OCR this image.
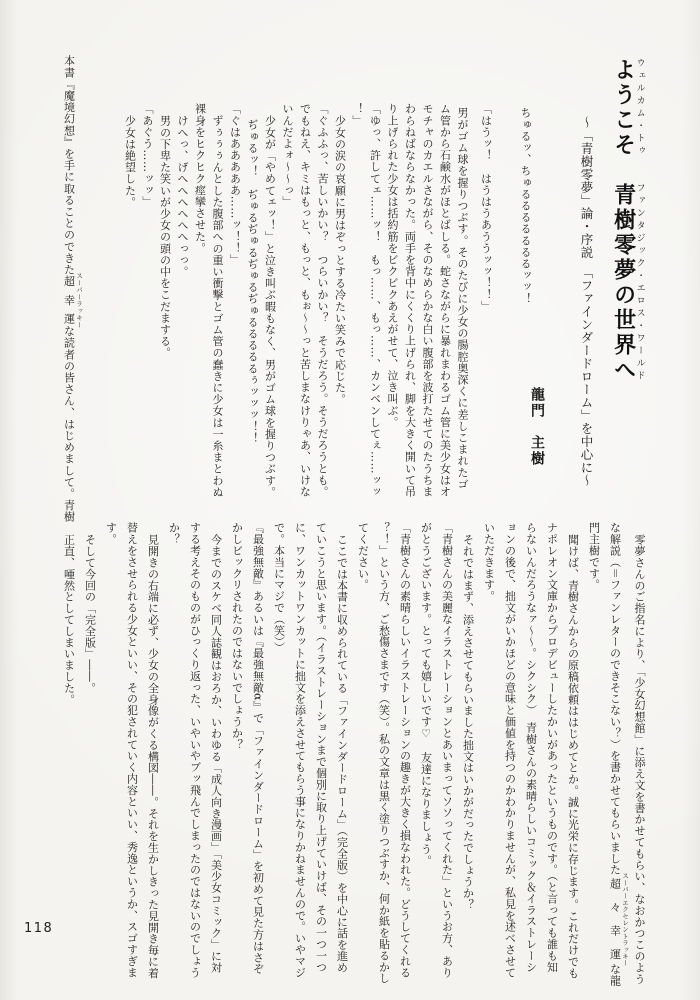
ようこそウェルカム・トゥ　青樹零夢の世界へファンタジック・エロス・ワールド
〜「青樹零夢」論・序説　「ファインダードローム」を中心に〜
龍門　主樹
ちゅるッ、ちゅるるるるるるるッッ！
「はうッ！　はうはうあううッッ！！」
男がゴム球を握りつぶす。そのたびに少女の腸腔奥深くに差しこまれたゴ
ム管から石鹸水がほとばしる。蛇さながらに暴れまわるゴム管に美少女はオ
モチャのカエルさながら、そのなめらかな白い腹部を波打たせてのたうちま
わらねばならなかった。両手を背中にくくり上げられ、脚を大きく開いて吊
り上げられた少女は括約筋をビクビクあえがせて、泣き叫ぶ。
「ゆっ、許してェ……ッ！　もっ……、もっ……、カンベンしてぇ……ッッ
！」
少女の涙の哀願に男はぞっとする冷たい笑みで応じた。
「ぐふふっ、苦しいかい？　つらいかい？　そうだろう。そうだろうとも。
でもねえ、キミはもっと、もっと、もぉ〜〜っと苦しまなけりゃあ、いけな
いんだよォ〜〜っ」
少女が「やめてェッ！」と泣き叫ぶ暇もなく、男がゴム球を握りつぶす。
ぢゅるッ！　ぢゅるぢゅるぢゅるぢゅるるるるるぅッッッ！！
「ぐはあああああ……ッ！！」
ずぅぅぅんとした腹部への重い衝撃とゴム管の蠢きに少女は一糸まとわぬ
裸身をヒクヒク痙攣させた。
けへっ、げへへへへへへっっ。
男の下卑た笑いが少女の頭の中をこだまする。
「あぐう……ッッ」
少女は絶望した。
本書『魔境幻想』を手に取ることのできた超幸運 スーパーラッキーな読者の皆さん、はじめまして。青樹
零夢さんのご指名により、「少女幻想館」に添え文を書かせてもらい、なおかつこのよう
な解説（＝ファンレターのできそこない？）を書かせてもらいました超々幸運 スーパーエクセレントラッキーな龍
門主樹です。
聞けば、青樹さんからの原稿依頼ははじめてとか。誠に光栄に存じます。これだけでも
ナポレオン文庫からプロデビューしたかいがあったというものです。（と言っても誰も知
らないんだろうなァ〜〜。シクシク）　青樹さんの素晴らしいコミック＆イラストレーシ
ョンの後で、拙文がいかほどの意味と価値を持つのかわかりませんが、私見を述べさせて
いただきます。
それではまず、添えさせてもらいました拙文はいかがだったでしょうか？
「青樹さんの美麗なイラストレーションとあいまってソソってくれた」というお方、あり
がとうございます。とっても嬉しいです♡　友達になりましょう。
「青樹さんの素晴らしいイラストレーションの趣きが大きく損なわれた。どうしてくれる
？！」という方、ご愁傷さまです（笑）。私の文章は黒く塗りつぶすか、何か紙を貼るかし
てください。
ここでは本書に収められている「ファインダードローム」（完全版）を中心に話を進め
ていこうと思います。（イラストレーションまで個別に取り上げていけば、その一つ一つ
に、ワンカットワンカットに拙文を添えさせてもらう事になりかねませんので。いやマジ
で。本当にマジで（笑））
『最強無敵』あるいは『最強無敵α』で「ファインダードローム」を初めて見た方はさぞ
かしビックリされたのではないでしょうか？
今までのスケベ同人誌観はおろか、いわゆる「成人向き漫画」「美少女コミック」に対
する考えそのものがひっくり返った、いやいやブッ飛んでしまったのではないのでしょう
か？
見開きの右端に必ず、少女の全身像がくる構図――。それを生かしきった見開き毎に着
替えをさせられる少女といい、その犯されていく内容といい、秀逸というか、スゴすぎま
す。
そして今回の「完全版」――。
正直、唖然としてしまいました。
118
